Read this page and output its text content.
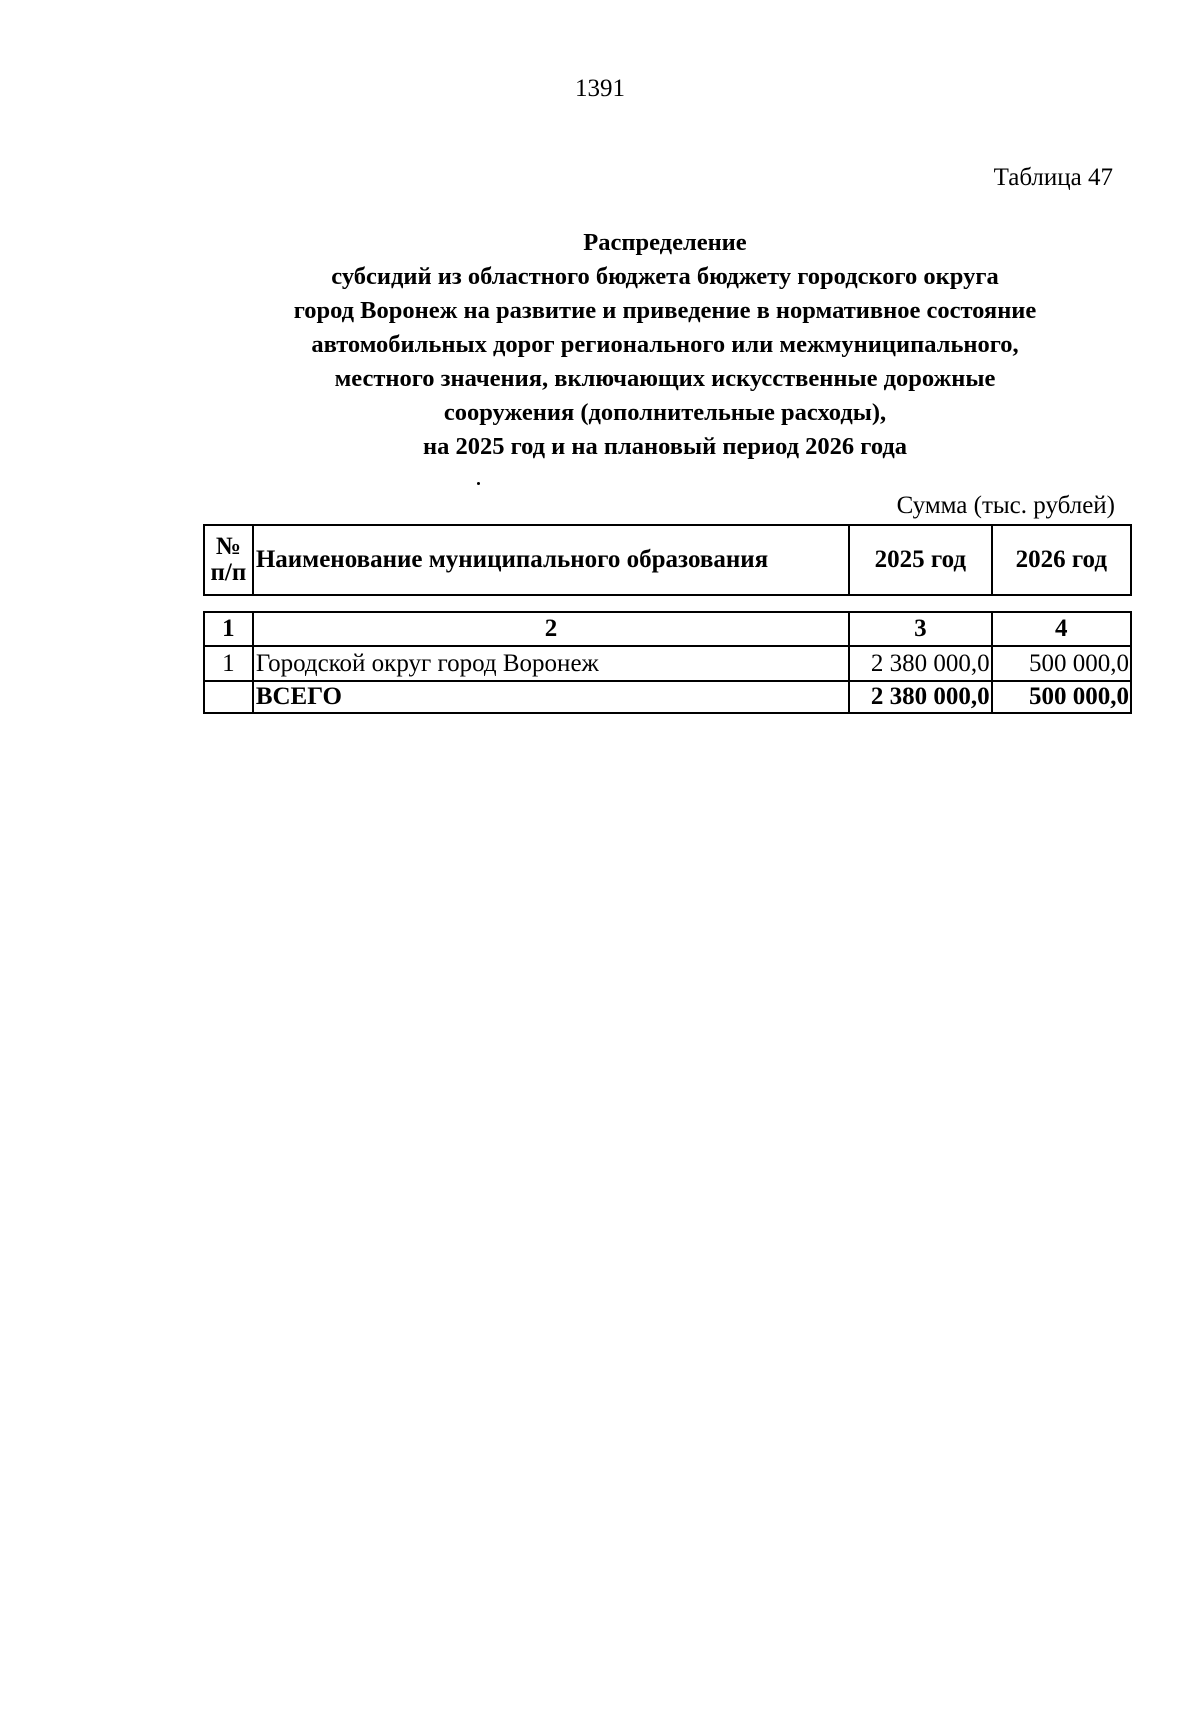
1391
Таблица 47
Распределение
субсидий из областного бюджета бюджету городского округа
город Воронеж на развитие и приведение в нормативное состояние
автомобильных дорог регионального или межмуниципального,
местного значения, включающих искусственные дорожные
сооружения (дополнительные расходы),
на 2025 год и на плановый период 2026 года
Сумма (тыс. рублей)
№
п/п	Наименование муниципального образования	2025 год	2026 год
1	2	3	4
1	Городской округ город Воронеж	2 380 000,0	500 000,0
	ВСЕГО	2 380 000,0	500 000,0
